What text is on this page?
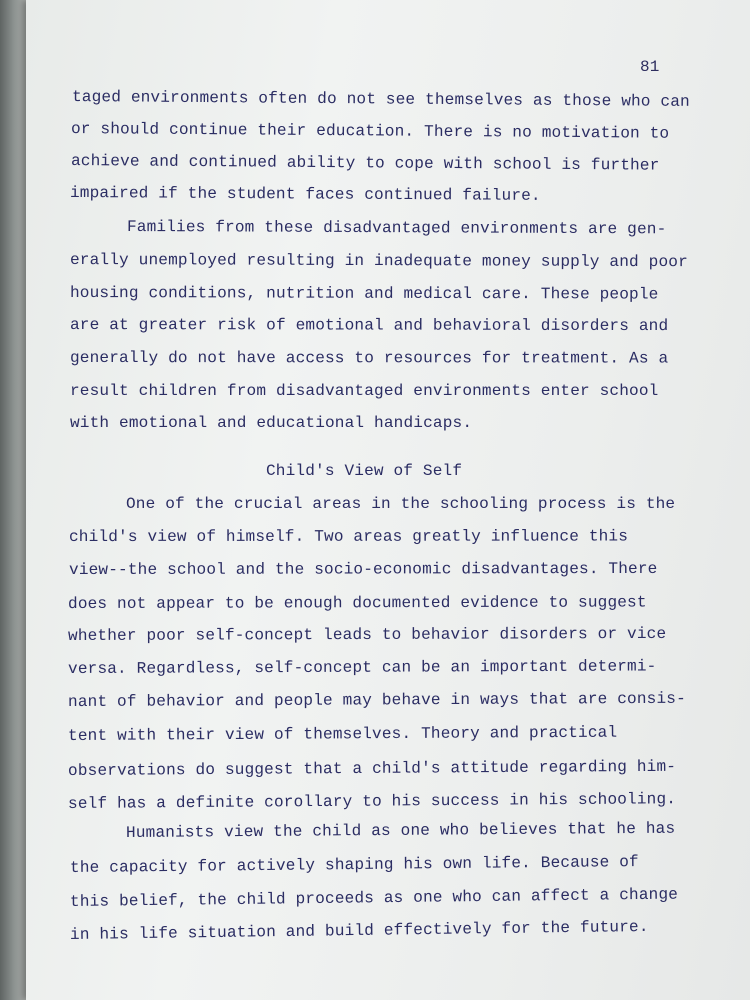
81

taged environments often do not see themselves as those who can

or should continue their education. There is no motivation to

achieve and continued ability to cope with school is further

impaired if the student faces continued failure.

Families from these disadvantaged environments are gen-

erally unemployed resulting in inadequate money supply and poor

housing conditions, nutrition and medical care. These people

are at greater risk of emotional and behavioral disorders and

generally do not have access to resources for treatment. As a

result children from disadvantaged environments enter school

with emotional and educational handicaps.

Child's View of Self

One of the crucial areas in the schooling process is the

child's view of himself. Two areas greatly influence this

view--the school and the socio-economic disadvantages. There

does not appear to be enough documented evidence to suggest

whether poor self-concept leads to behavior disorders or vice

versa. Regardless, self-concept can be an important determi-

nant of behavior and people may behave in ways that are consis-

tent with their view of themselves. Theory and practical

observations do suggest that a child's attitude regarding him-

self has a definite corollary to his success in his schooling.

Humanists view the child as one who believes that he has

the capacity for actively shaping his own life. Because of

this belief, the child proceeds as one who can affect a change

in his life situation and build effectively for the future.
